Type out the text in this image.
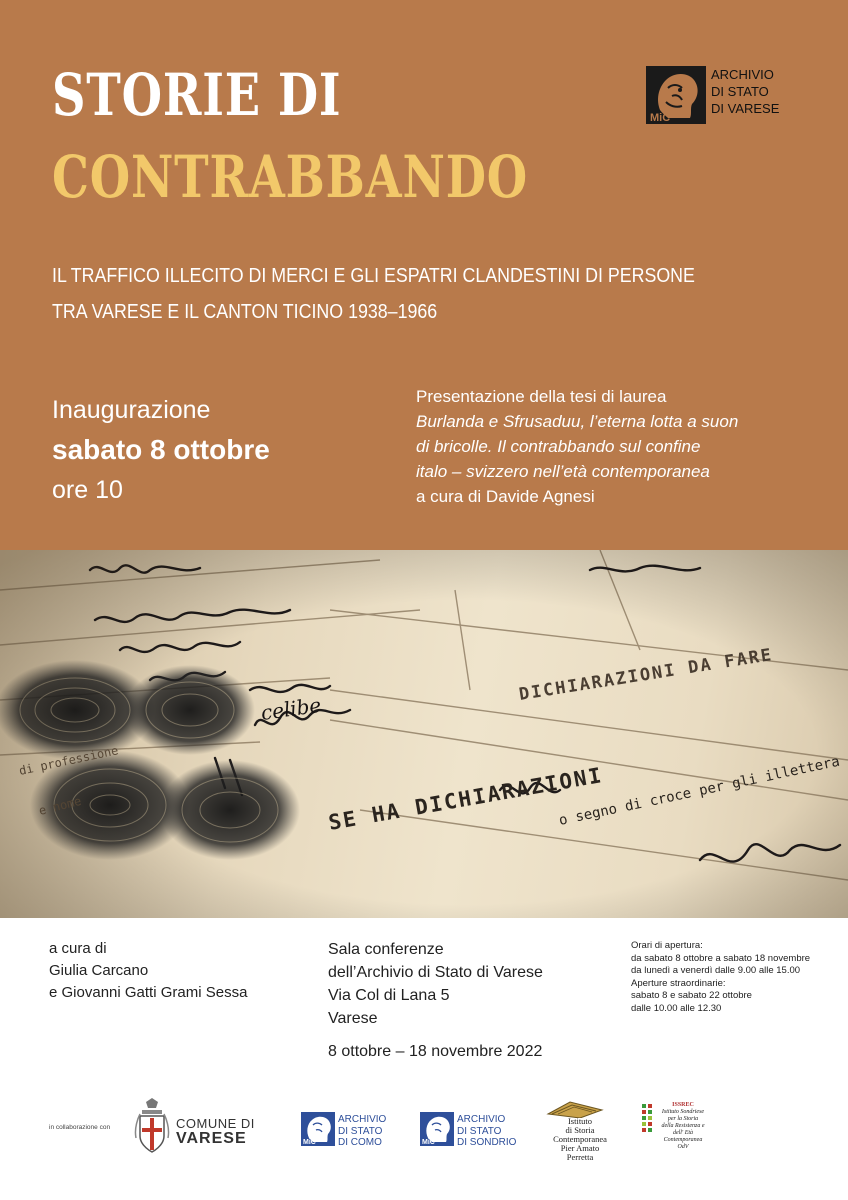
STORIE DI
CONTRABBANDO
MiC
ARCHIVIO
DI STATO
DI VARESE
IL TRAFFICO ILLECITO DI MERCI E GLI ESPATRI CLANDESTINI DI PERSONE
TRA VARESE E IL CANTON TICINO 1938–1966
Inaugurazione
sabato 8 ottobre
ore 10
Presentazione della tesi di laurea
Burlanda e Sfrusaduu, l’eterna lotta a suon
di bricolle. Il contrabbando sul confine
italo – svizzero nell’età contemporanea
a cura di Davide Agnesi
a cura di
Giulia Carcano
e Giovanni Gatti Grami Sessa
Sala conferenze
dell’Archivio di Stato di Varese
Via Col di Lana 5
Varese
8 ottobre – 18 novembre 2022
Orari di apertura:
da sabato 8 ottobre a sabato 18 novembre
da lunedì a venerdì dalle 9.00 alle 15.00
Aperture straordinarie:
sabato 8 e sabato 22 ottobre
dalle 10.00 alle 12.30
in collaborazione con	COMUNE DI
VARESE	MiC
ARCHIVIO
DI STATO
DI COMO	MiC
ARCHIVIO
DI STATO
DI SONDRIO
Istituto
di Storia
Contemporanea
Pier Amato
Perretta
ISSREC
Istituto Sondriese
per la Storia
della Resistenza e
dell' Età
Contemporanea
OdV
